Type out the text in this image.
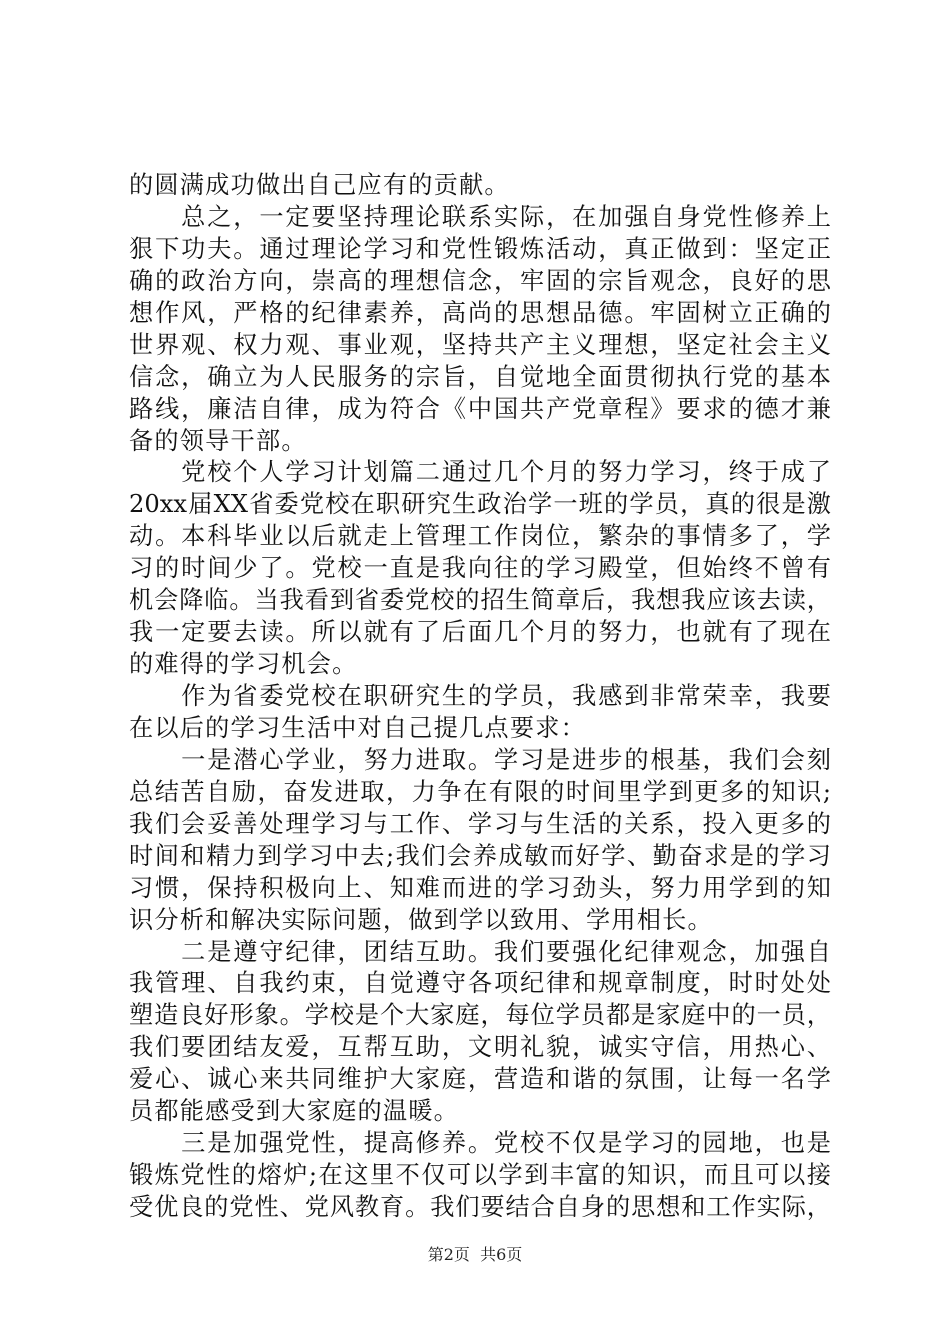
的圆满成功做出自己应有的贡献。
　　总之，一定要坚持理论联系实际，在加强自身党性修养上
狠下功夫。通过理论学习和党性锻炼活动，真正做到：坚定正
确的政治方向，崇高的理想信念，牢固的宗旨观念，良好的思
想作风，严格的纪律素养，高尚的思想品德。牢固树立正确的
世界观、权力观、事业观，坚持共产主义理想，坚定社会主义
信念，确立为人民服务的宗旨，自觉地全面贯彻执行党的基本
路线，廉洁自律，成为符合《中国共产党章程》要求的德才兼
备的领导干部。
　　党校个人学习计划篇二通过几个月的努力学习，终于成了
20xx届XX省委党校在职研究生政治学一班的学员，真的很是激
动。本科毕业以后就走上管理工作岗位，繁杂的事情多了，学
习的时间少了。党校一直是我向往的学习殿堂，但始终不曾有
机会降临。当我看到省委党校的招生简章后，我想我应该去读，
我一定要去读。所以就有了后面几个月的努力，也就有了现在
的难得的学习机会。
　　作为省委党校在职研究生的学员，我感到非常荣幸，我要
在以后的学习生活中对自己提几点要求：
　　一是潜心学业，努力进取。学习是进步的根基，我们会刻
总结苦自励，奋发进取，力争在有限的时间里学到更多的知识;
我们会妥善处理学习与工作、学习与生活的关系，投入更多的
时间和精力到学习中去;我们会养成敏而好学、勤奋求是的学习
习惯，保持积极向上、知难而进的学习劲头，努力用学到的知
识分析和解决实际问题，做到学以致用、学用相长。
　　二是遵守纪律，团结互助。我们要强化纪律观念，加强自
我管理、自我约束，自觉遵守各项纪律和规章制度，时时处处
塑造良好形象。学校是个大家庭，每位学员都是家庭中的一员，
我们要团结友爱，互帮互助，文明礼貌，诚实守信，用热心、
爱心、诚心来共同维护大家庭，营造和谐的氛围，让每一名学
员都能感受到大家庭的温暖。
　　三是加强党性，提高修养。党校不仅是学习的园地，也是
锻炼党性的熔炉;在这里不仅可以学到丰富的知识，而且可以接
受优良的党性、党风教育。我们要结合自身的思想和工作实际，
第2页  共6页
